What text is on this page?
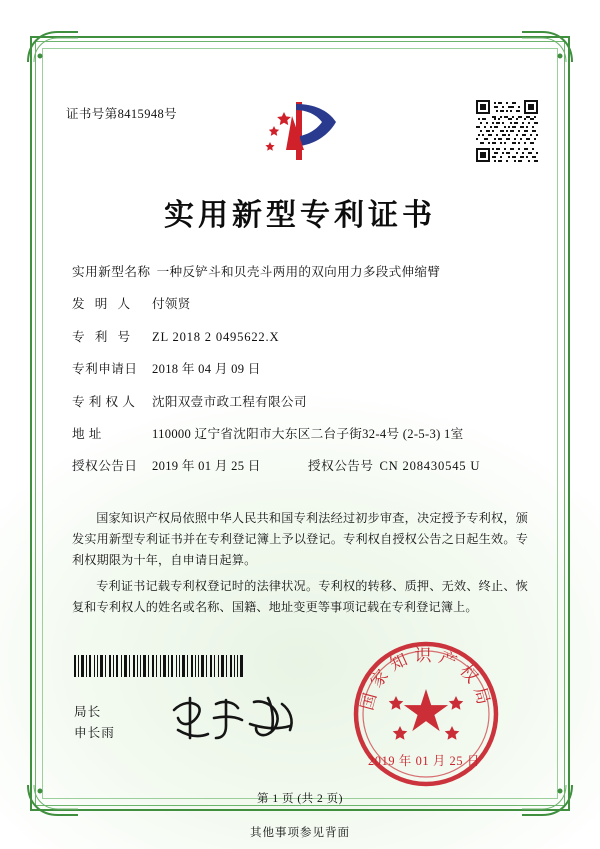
证书号第8415948号
实用新型专利证书
实用新型名称 一种反铲斗和贝壳斗两用的双向用力多段式伸缩臂
发 明 人	付领贤
专 利 号	ZL 2018 2 0495622.X
专利申请日	2018 年 04 月 09 日
专 利 权 人	沈阳双壹市政工程有限公司
地 址	110000 辽宁省沈阳市大东区二台子街32-4号 (2-5-3) 1室
授权公告日	2019 年 01 月 25 日	授权公告号 CN 208430545 U

国家知识产权局依照中华人民共和国专利法经过初步审查，决定授予专利权，颁发实用新型专利证书并在专利登记簿上予以登记。专利权自授权公告之日起生效。专利权期限为十年，自申请日起算。

专利证书记载专利权登记时的法律状况。专利权的转移、质押、无效、终止、恢复和专利权人的姓名或名称、国籍、地址变更等事项记载在专利登记簿上。

局长
申长雨
国家知识产权局
2019 年 01 月 25 日
第 1 页 (共 2 页)
其他事项参见背面
